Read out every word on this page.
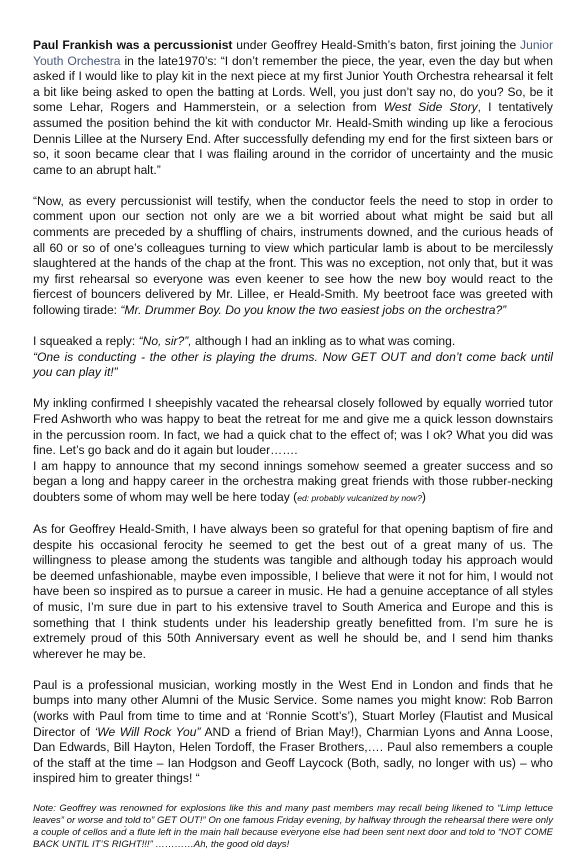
Paul Frankish was a percussionist under Geoffrey Heald-Smith’s baton, first joining the Junior Youth Orchestra in the late1970’s: “I don’t remember the piece, the year, even the day but when asked if I would like to play kit in the next piece at my first Junior Youth Orchestra rehearsal it felt a bit like being asked to open the batting at Lords. Well, you just don’t say no, do you? So, be it some Lehar, Rogers and Hammerstein, or a selection from West Side Story, I tentatively assumed the position behind the kit with conductor Mr. Heald-Smith winding up like a ferocious Dennis Lillee at the Nursery End. After successfully defending my end for the first sixteen bars or so, it soon became clear that I was flailing around in the corridor of uncertainty and the music came to an abrupt halt.”

“Now, as every percussionist will testify, when the conductor feels the need to stop in order to comment upon our section not only are we a bit worried about what might be said but all comments are preceded by a shuffling of chairs, instruments downed, and the curious heads of all 60 or so of one’s colleagues turning to view which particular lamb is about to be mercilessly slaughtered at the hands of the chap at the front. This was no exception, not only that, but it was my first rehearsal so everyone was even keener to see how the new boy would react to the fiercest of bouncers delivered by Mr. Lillee, er Heald-Smith. My beetroot face was greeted with following tirade: “Mr. Drummer Boy. Do you know the two easiest jobs on the orchestra?”

I squeaked a reply: “No, sir?”, although I had an inkling as to what was coming.
“One is conducting - the other is playing the drums. Now GET OUT and don’t come back until you can play it!”

My inkling confirmed I sheepishly vacated the rehearsal closely followed by equally worried tutor Fred Ashworth who was happy to beat the retreat for me and give me a quick lesson downstairs in the percussion room. In fact, we had a quick chat to the effect of; was I ok? What you did was fine. Let’s go back and do it again but louder…….
I am happy to announce that my second innings somehow seemed a greater success and so began a long and happy career in the orchestra making great friends with those rubber-necking doubters some of whom may well be here today (ed: probably vulcanized by now?)

As for Geoffrey Heald-Smith, I have always been so grateful for that opening baptism of fire and despite his occasional ferocity he seemed to get the best out of a great many of us. The willingness to please among the students was tangible and although today his approach would be deemed unfashionable, maybe even impossible, I believe that were it not for him, I would not have been so inspired as to pursue a career in music. He had a genuine acceptance of all styles of music, I’m sure due in part to his extensive travel to South America and Europe and this is something that I think students under his leadership greatly benefitted from. I’m sure he is extremely proud of this 50th Anniversary event as well he should be, and I send him thanks wherever he may be.

Paul is a professional musician, working mostly in the West End in London and finds that he bumps into many other Alumni of the Music Service. Some names you might know: Rob Barron (works with Paul from time to time and at ‘Ronnie Scott’s’), Stuart Morley (Flautist and Musical Director of ‘We Will Rock You” AND a friend of Brian May!), Charmian Lyons and Anna Loose, Dan Edwards, Bill Hayton, Helen Tordoff, the Fraser Brothers,…. Paul also remembers a couple of the staff at the time – Ian Hodgson and Geoff Laycock (Both, sadly, no longer with us) – who inspired him to greater things! “

Note: Geoffrey was renowned for explosions like this and many past members may recall being likened to “Limp lettuce leaves” or worse and told to” GET OUT!” On one famous Friday evening, by halfway through the rehearsal there were only a couple of cellos and a flute left in the main hall because everyone else had been sent next door and told to “NOT COME BACK UNTIL IT’S RIGHT!!!” …………Ah, the good old days!
